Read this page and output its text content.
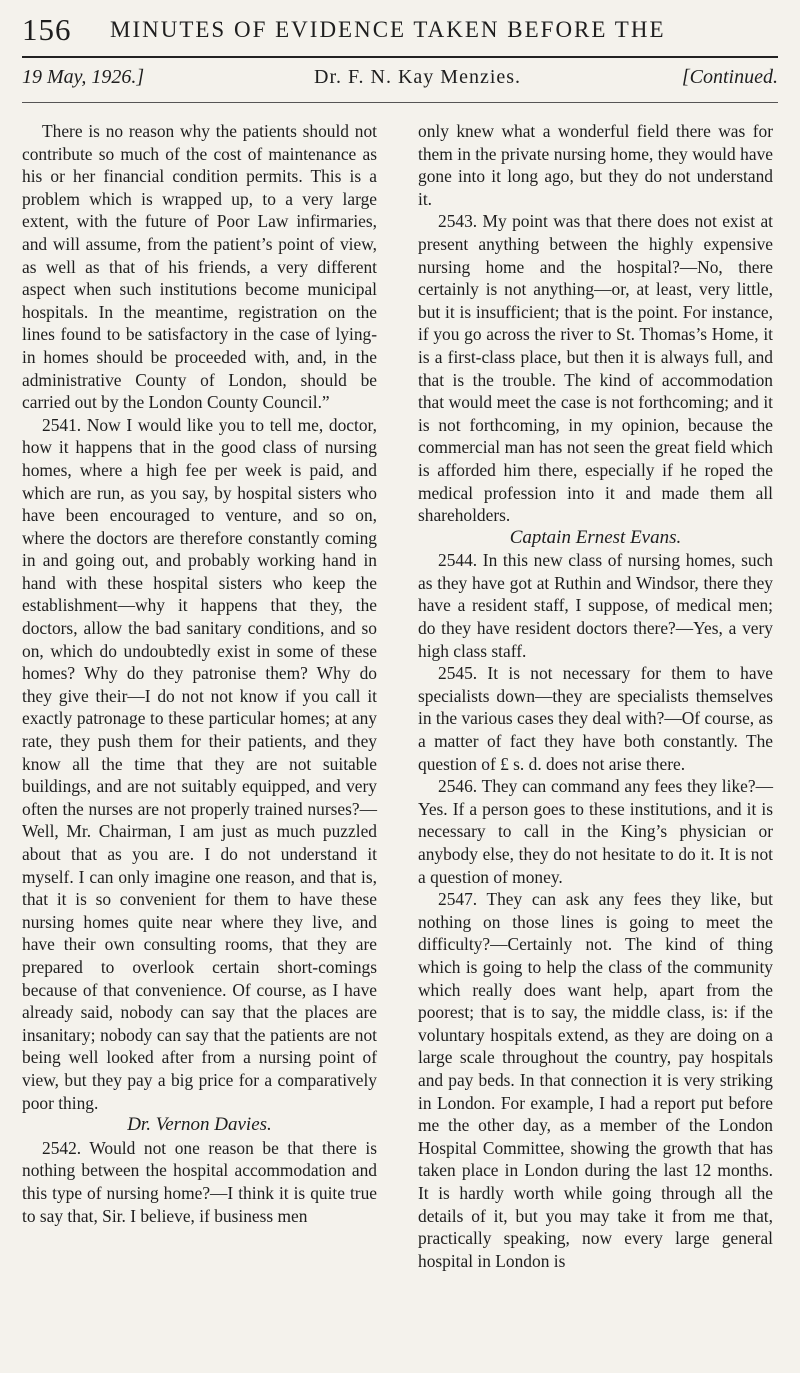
156 MINUTES OF EVIDENCE TAKEN BEFORE THE
19 May, 1926.]	Dr. F. N. Kay Menzies.	[Continued.

There is no reason why the patients should not contribute so much of the cost of maintenance as his or her financial condition permits. This is a problem which is wrapped up, to a very large extent, with the future of Poor Law infirmaries, and will assume, from the patient’s point of view, as well as that of his friends, a very different aspect when such institutions become municipal hospitals. In the meantime, registration on the lines found to be satisfactory in the case of lying-in homes should be proceeded with, and, in the administrative County of London, should be carried out by the London County Council.”

2541. Now I would like you to tell me, doctor, how it happens that in the good class of nursing homes, where a high fee per week is paid, and which are run, as you say, by hospital sisters who have been encouraged to venture, and so on, where the doctors are therefore constantly coming in and going out, and probably working hand in hand with these hospital sisters who keep the establishment—why it happens that they, the doctors, allow the bad sanitary conditions, and so on, which do undoubtedly exist in some of these homes? Why do they patronise them? Why do they give their—I do not not know if you call it exactly patronage to these particular homes; at any rate, they push them for their patients, and they know all the time that they are not suitable buildings, and are not suitably equipped, and very often the nurses are not properly trained nurses?—Well, Mr. Chairman, I am just as much puzzled about that as you are. I do not understand it myself. I can only imagine one reason, and that is, that it is so convenient for them to have these nursing homes quite near where they live, and have their own consulting rooms, that they are prepared to overlook certain short-comings because of that convenience. Of course, as I have already said, nobody can say that the places are insanitary; nobody can say that the patients are not being well looked after from a nursing point of view, but they pay a big price for a comparatively poor thing.

Dr. Vernon Davies.

2542. Would not one reason be that there is nothing between the hospital accommodation and this type of nursing home?—I think it is quite true to say that, Sir. I believe, if business men

only knew what a wonderful field there was for them in the private nursing home, they would have gone into it long ago, but they do not understand it.

2543. My point was that there does not exist at present anything between the highly expensive nursing home and the hospital?—No, there certainly is not anything—or, at least, very little, but it is insufficient; that is the point. For instance, if you go across the river to St. Thomas’s Home, it is a first-class place, but then it is always full, and that is the trouble. The kind of accommodation that would meet the case is not forthcoming; and it is not forthcoming, in my opinion, because the commercial man has not seen the great field which is afforded him there, especially if he roped the medical profession into it and made them all shareholders.

Captain Ernest Evans.

2544. In this new class of nursing homes, such as they have got at Ruthin and Windsor, there they have a resident staff, I suppose, of medical men; do they have resident doctors there?—Yes, a very high class staff.

2545. It is not necessary for them to have specialists down—they are specialists themselves in the various cases they deal with?—Of course, as a matter of fact they have both constantly. The question of £ s. d. does not arise there.

2546. They can command any fees they like?—Yes. If a person goes to these institutions, and it is necessary to call in the King’s physician or anybody else, they do not hesitate to do it. It is not a question of money.

2547. They can ask any fees they like, but nothing on those lines is going to meet the difficulty?—Certainly not. The kind of thing which is going to help the class of the community which really does want help, apart from the poorest; that is to say, the middle class, is: if the voluntary hospitals extend, as they are doing on a large scale throughout the country, pay hospitals and pay beds. In that connection it is very striking in London. For example, I had a report put before me the other day, as a member of the London Hospital Committee, showing the growth that has taken place in London during the last 12 months. It is hardly worth while going through all the details of it, but you may take it from me that, practically speaking, now every large general hospital in London is
